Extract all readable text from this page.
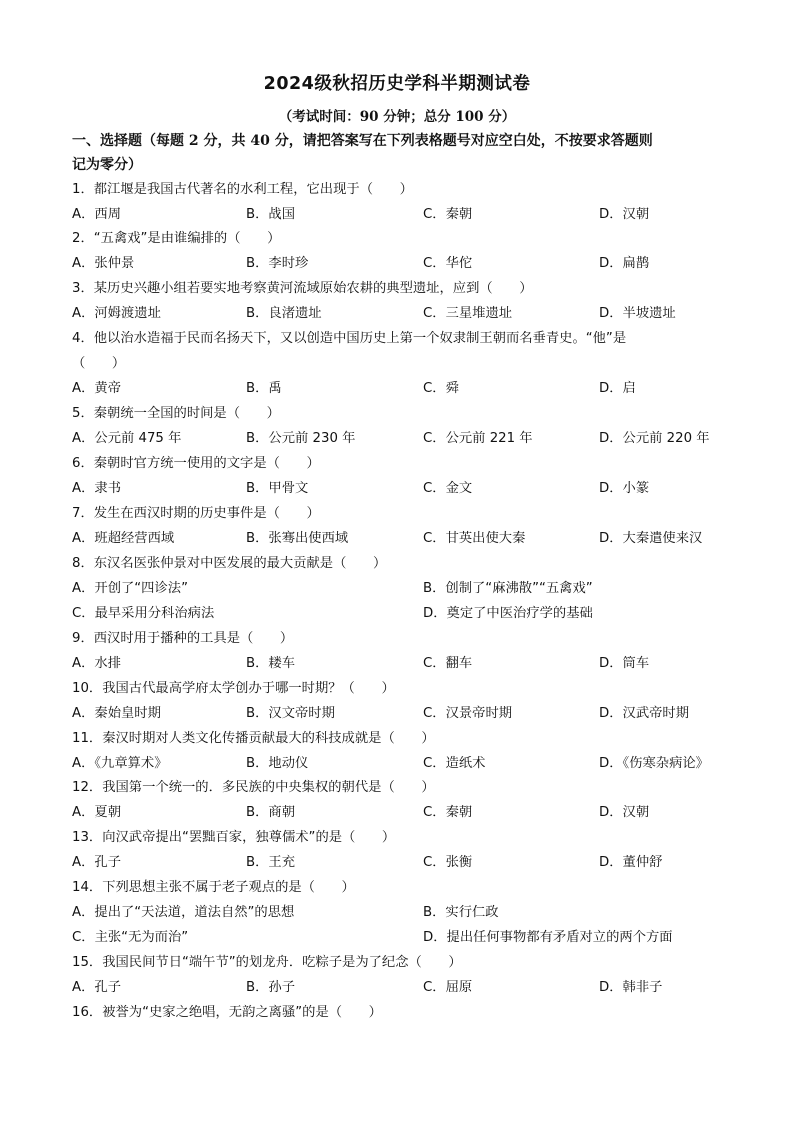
2024级秋招历史学科半期测试卷
（考试时间：90 分钟；总分 100 分）
一、选择题（每题 2 分，共 40 分，请把答案写在下列表格题号对应空白处，不按要求答题则
记为零分）
1．都江堰是我国古代著名的水利工程，它出现于（　　）
A．西周	B．战国	C．秦朝	D．汉朝
2．“五禽戏”是由谁编排的（　　）
A．张仲景	B．李时珍	C．华佗	D．扁鹊
3．某历史兴趣小组若要实地考察黄河流域原始农耕的典型遗址，应到（　　）
A．河姆渡遗址	B．良渚遗址	C．三星堆遗址	D．半坡遗址
4．他以治水造福于民而名扬天下，又以创造中国历史上第一个奴隶制王朝而名垂青史。“他”是
（　　）
A．黄帝	B．禹	C．舜	D．启
5．秦朝统一全国的时间是（　　）
A．公元前 475 年	B．公元前 230 年	C．公元前 221 年	D．公元前 220 年
6．秦朝时官方统一使用的文字是（　　）
A．隶书	B．甲骨文	C．金文	D．小篆
7．发生在西汉时期的历史事件是（　　）
A．班超经营西域	B．张骞出使西域	C．甘英出使大秦	D．大秦遣使来汉
8．东汉名医张仲景对中医发展的最大贡献是（　　）
A．开创了“四诊法”	B．创制了“麻沸散”“五禽戏”
C．最早采用分科治病法	D．奠定了中医治疗学的基础
9．西汉时用于播种的工具是（　　）
A．水排	B．耧车	C．翻车	D．筒车
10．我国古代最高学府太学创办于哪一时期？（　　）
A．秦始皇时期	B．汉文帝时期	C．汉景帝时期	D．汉武帝时期
11．秦汉时期对人类文化传播贡献最大的科技成就是（　　）
A．《九章算术》	B．地动仪	C．造纸术	D．《伤寒杂病论》
12．我国第一个统一的．多民族的中央集权的朝代是（　　）
A．夏朝	B．商朝	C．秦朝	D．汉朝
13．向汉武帝提出“罢黜百家，独尊儒术”的是（　　）
A．孔子	B．王充	C．张衡	D．董仲舒
14．下列思想主张不属于老子观点的是（　　）
A．提出了“天法道，道法自然”的思想	B．实行仁政
C．主张“无为而治”	D．提出任何事物都有矛盾对立的两个方面
15．我国民间节日“端午节”的划龙舟．吃粽子是为了纪念（　　）
A．孔子	B．孙子	C．屈原	D．韩非子
16．被誉为“史家之绝唱，无韵之离骚”的是（　　）
